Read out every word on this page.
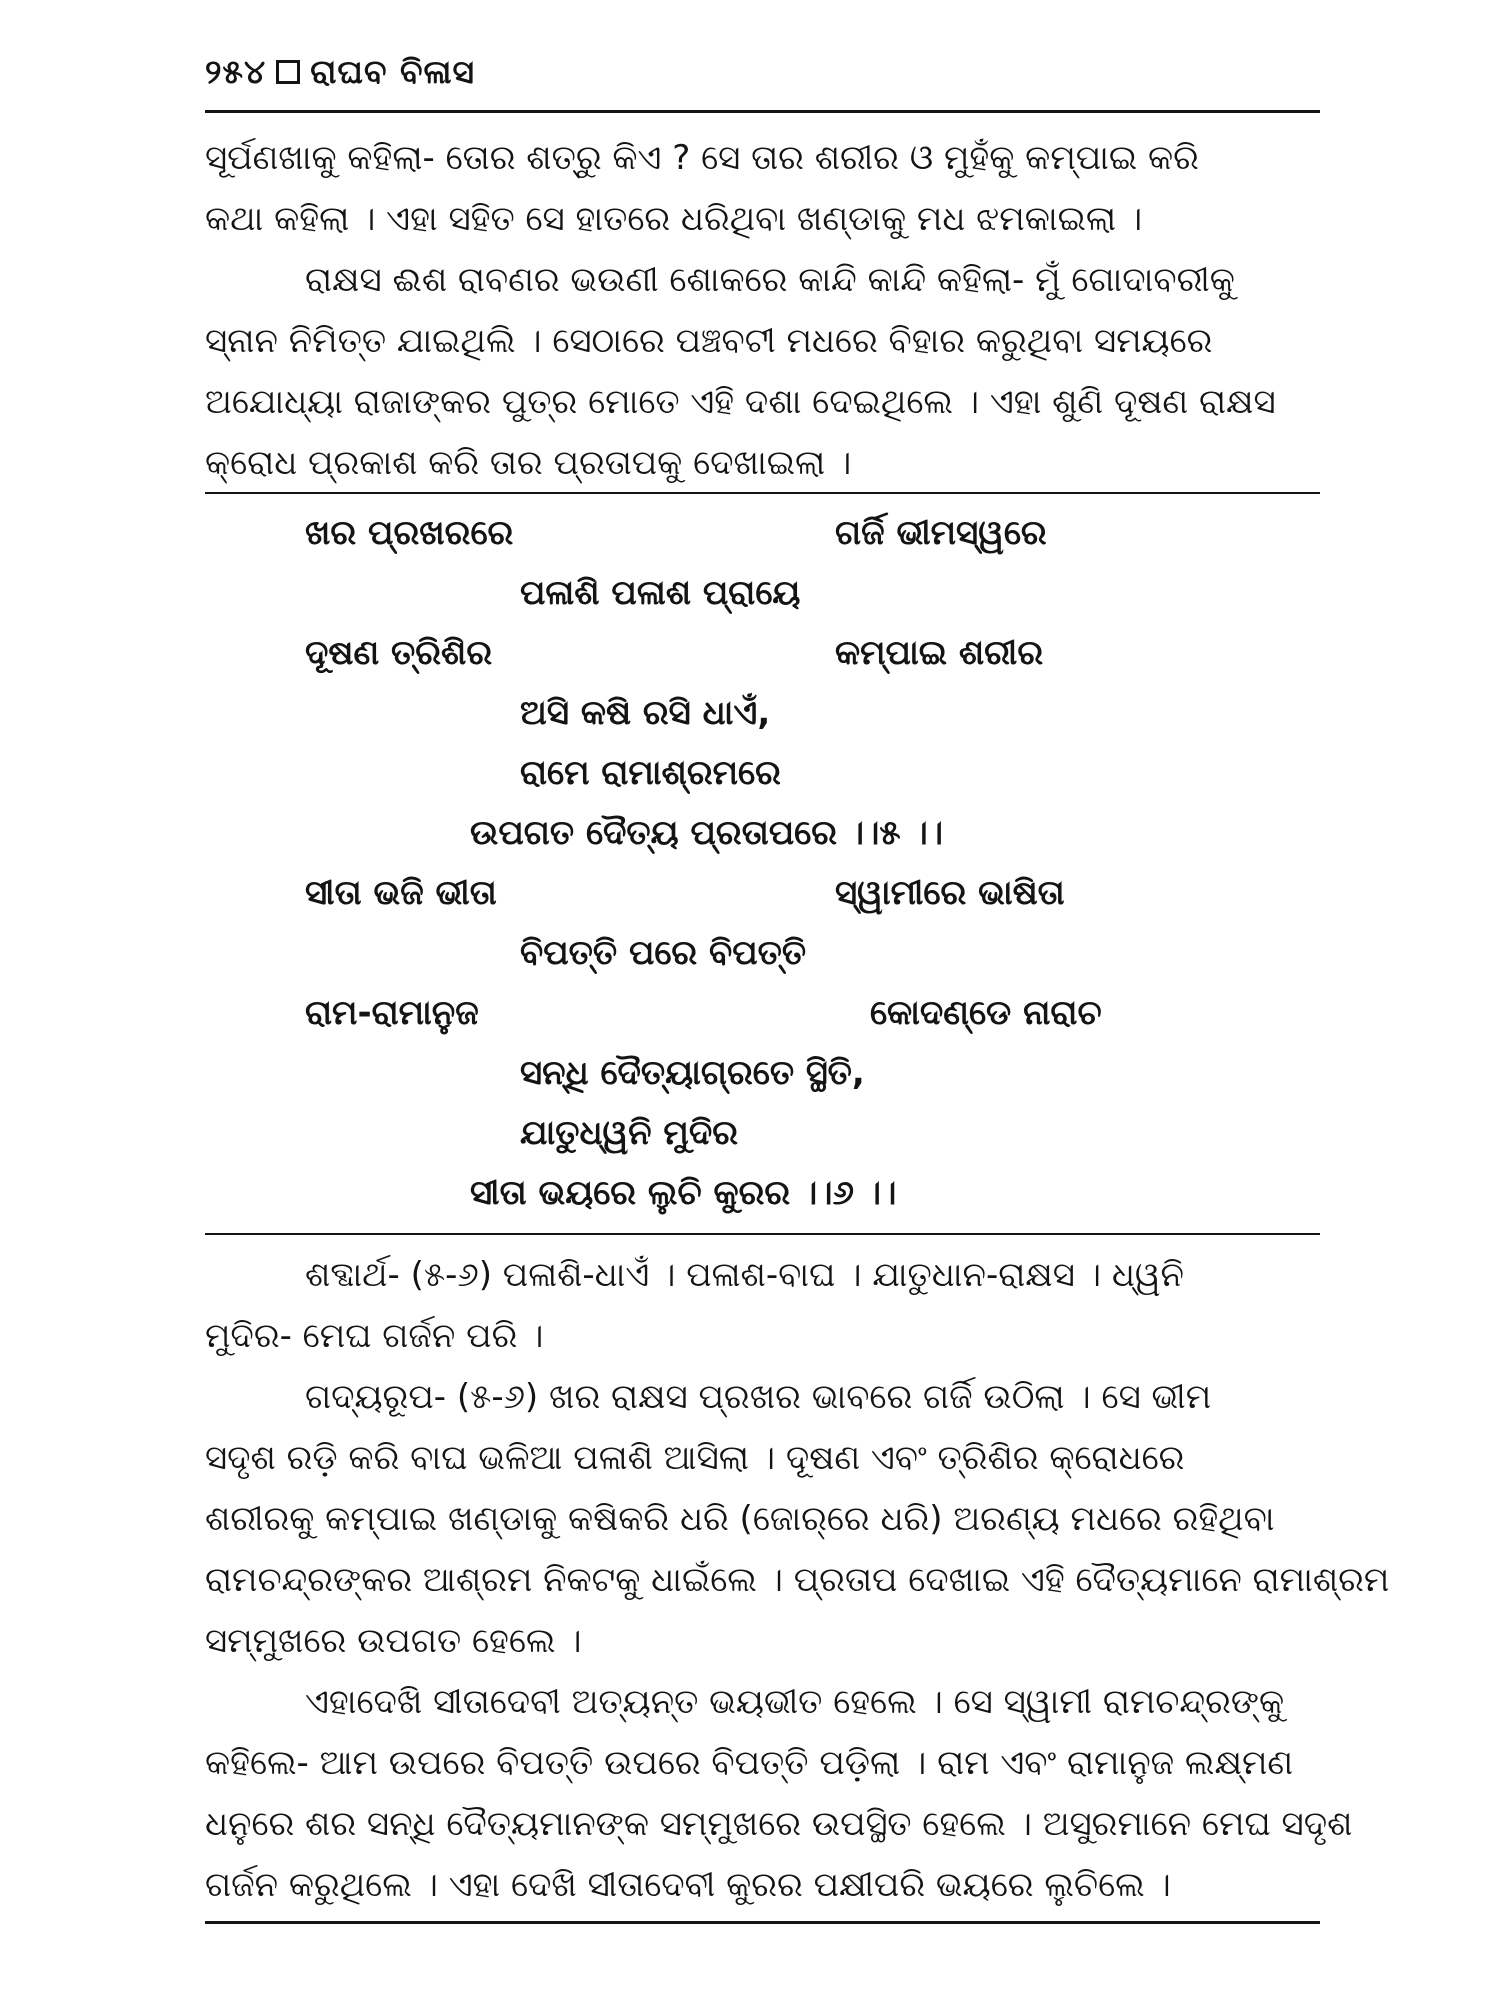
୨୫୪ ରାଘବ ବିଳାସ
ସୂର୍ପଣଖାକୁ କହିଲା- ତୋର ଶତ୍ରୁ କିଏ ? ସେ ତାର ଶରୀର ଓ ମୁହଁକୁ କମ୍ପାଇ କରି
କଥା କହିଲା । ଏହା ସହିତ ସେ ହାତରେ ଧରିଥିବା ଖଣ୍ଡାକୁ ମଧ ଝମକାଇଲା ।
ରାକ୍ଷସ ଈଶ ରାବଣର ଭଉଣୀ ଶୋକରେ କାନ୍ଦି କାନ୍ଦି କହିଲା- ମୁଁ ଗୋଦାବରୀକୁ
ସ୍ନାନ ନିମିତ୍ତ ଯାଇଥିଲି । ସେଠାରେ ପଞ୍ଚବଟୀ ମଧରେ ବିହାର କରୁଥିବା ସମୟରେ
ଅଯୋଧ୍ୟା ରାଜାଙ୍କର ପୁତ୍ର ମୋତେ ଏହି ଦଶା ଦେଇଥିଲେ । ଏହା ଶୁଣି ଦୂଷଣ ରାକ୍ଷସ
କ୍ରୋଧ ପ୍ରକାଶ କରି ତାର ପ୍ରତାପକୁ ଦେଖାଇଲା ।
ଖର ପ୍ରଖରରେ	ଗର୍ଜି ଭୀମସ୍ୱରେ
ପଳାଶି ପଳାଶ ପ୍ରାୟେ
ଦୂଷଣ ତ୍ରିଶିର	କମ୍ପାଇ ଶରୀର
ଅସି କଷି ରସି ଧାଏଁ,
ରାମେ ରାମାଶ୍ରମରେ
ଉପଗତ ଦୈତ୍ୟ ପ୍ରତାପରେ ।।୫ ।।
ସୀତା ଭଜି ଭୀତା	ସ୍ୱାମୀରେ ଭାଷିତା
ବିପତ୍ତି ପରେ ବିପତ୍ତି
ରାମ-ରାମାନୁଜ	କୋଦଣ୍ଡେ ନାରାଚ
ସନ୍ଧି ଦୈତ୍ୟାଗ୍ରତେ ସ୍ଥିତି,
ଯାତୁଧ୍ୱନି ମୁଦିର
ସୀତା ଭୟରେ ଲୁଚି କୁରର ।।୬ ।।
ଶବ୍ଦାର୍ଥ- (୫-୬) ପଳାଶି-ଧାଏଁ । ପଳାଶ-ବାଘ । ଯାତୁଧାନ-ରାକ୍ଷସ । ଧ୍ୱନି
ମୁଦିର- ମେଘ ଗର୍ଜନ ପରି ।
ଗଦ୍ୟରୂପ- (୫-୬) ଖର ରାକ୍ଷସ ପ୍ରଖର ଭାବରେ ଗର୍ଜି ଉଠିଲା । ସେ ଭୀମ
ସଦୃଶ ରଡ଼ି କରି ବାଘ ଭଳିଆ ପଳାଶି ଆସିଲା । ଦୂଷଣ ଏବଂ ତ୍ରିଶିର କ୍ରୋଧରେ
ଶରୀରକୁ କମ୍ପାଇ ଖଣ୍ଡାକୁ କଷିକରି ଧରି (ଜୋର୍‌ରେ ଧରି) ଅରଣ୍ୟ ମଧରେ ରହିଥିବା
ରାମଚନ୍ଦ୍ରଙ୍କର ଆଶ୍ରମ ନିକଟକୁ ଧାଇଁଲେ । ପ୍ରତାପ ଦେଖାଇ ଏହି ଦୈତ୍ୟମାନେ ରାମାଶ୍ରମ
ସମ୍ମୁଖରେ ଉପଗତ ହେଲେ ।
ଏହାଦେଖି ସୀତାଦେବୀ ଅତ୍ୟନ୍ତ ଭୟଭୀତ ହେଲେ । ସେ ସ୍ୱାମୀ ରାମଚନ୍ଦ୍ରଙ୍କୁ
କହିଲେ- ଆମ ଉପରେ ବିପତ୍ତି ଉପରେ ବିପତ୍ତି ପଡ଼ିଲା । ରାମ ଏବଂ ରାମାନୁଜ ଲକ୍ଷ୍ମଣ
ଧନୁରେ ଶର ସନ୍ଧି ଦୈତ୍ୟମାନଙ୍କ ସମ୍ମୁଖରେ ଉପସ୍ଥିତ ହେଲେ । ଅସୁରମାନେ ମେଘ ସଦୃଶ
ଗର୍ଜନ କରୁଥିଲେ । ଏହା ଦେଖି ସୀତାଦେବୀ କୁରର ପକ୍ଷୀପରି ଭୟରେ ଲୁଚିଲେ ।
